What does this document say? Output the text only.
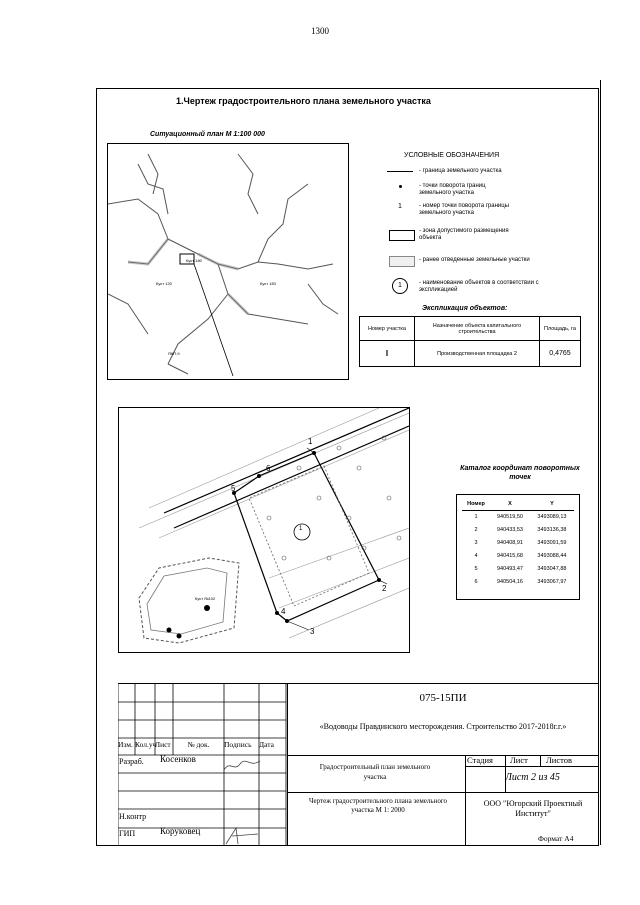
1300
1.Чертеж градостроительного плана земельного участка
Ситуационный план М 1:100 000
Куст 180
Куст 120	Куст 183
ЯКП-9
УСЛОВНЫЕ ОБОЗНАЧЕНИЯ
- граница земельного участка
- точки поворота границ земельного участка
1	- номер точки поворота границы земельного участка
- зона допустимого размещения объекта
- ранее отведенные земельные участки
1	- наименование объектов в соответствии с экспликацией
Экспликация объектов:
Номер участка	Назначение объекта капитального строительства	Площадь, га
I	Производственная площадка 2	0,4765
1
2
3
4
5
6
1
Куст №102
Каталог координат поворотных точек
Номер	X	Y
1	940519,50	3493089,13
2	940433,53	3493136,38
3	940408,91	3493091,59
4	940415,68	3493088,44
5	940493,47	3493047,88
6	940504,16	3493067,97
Изм. Кол.уч
Лист	№ док.	Подпись Дата
Разраб. Косенков
Н.контр
ГИП	Коруковец
075-15ПИ
«Водоводы Правдинского месторождения. Строительство 2017-2018г.г.»
Градостроительный план земельного участка
Чертеж градостроительного плана земельного участка М 1: 2000
Стадия Лист Листов
Лист 2 из 45
ООО "Югорский Проектный Институт"
Формат А4
